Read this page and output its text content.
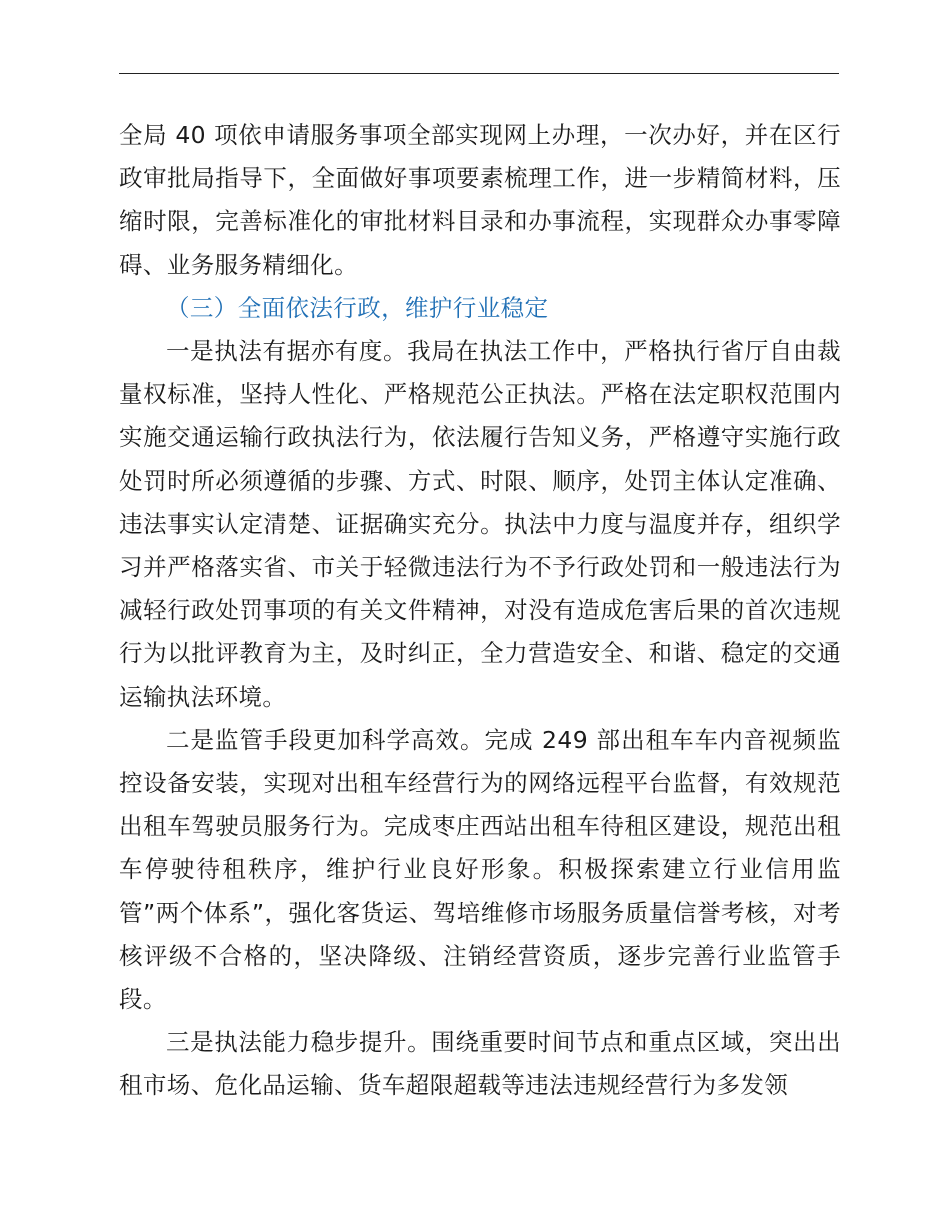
全局 40 项依申请服务事项全部实现网上办理，一次办好，并在区行政审批局指导下，全面做好事项要素梳理工作，进一步精简材料，压缩时限，完善标准化的审批材料目录和办事流程，实现群众办事零障碍、业务服务精细化。

（三）全面依法行政，维护行业稳定

一是执法有据亦有度。我局在执法工作中，严格执行省厅自由裁量权标准，坚持人性化、严格规范公正执法。严格在法定职权范围内实施交通运输行政执法行为，依法履行告知义务，严格遵守实施行政处罚时所必须遵循的步骤、方式、时限、顺序，处罚主体认定准确、违法事实认定清楚、证据确实充分。执法中力度与温度并存，组织学习并严格落实省、市关于轻微违法行为不予行政处罚和一般违法行为减轻行政处罚事项的有关文件精神，对没有造成危害后果的首次违规行为以批评教育为主，及时纠正，全力营造安全、和谐、稳定的交通运输执法环境。

二是监管手段更加科学高效。完成 249 部出租车车内音视频监控设备安装，实现对出租车经营行为的网络远程平台监督，有效规范出租车驾驶员服务行为。完成枣庄西站出租车待租区建设，规范出租车停驶待租秩序，维护行业良好形象。积极探索建立行业信用监管”两个体系”，强化客货运、驾培维修市场服务质量信誉考核，对考核评级不合格的，坚决降级、注销经营资质，逐步完善行业监管手段。

三是执法能力稳步提升。围绕重要时间节点和重点区域，突出出租市场、危化品运输、货车超限超载等违法违规经营行为多发领
